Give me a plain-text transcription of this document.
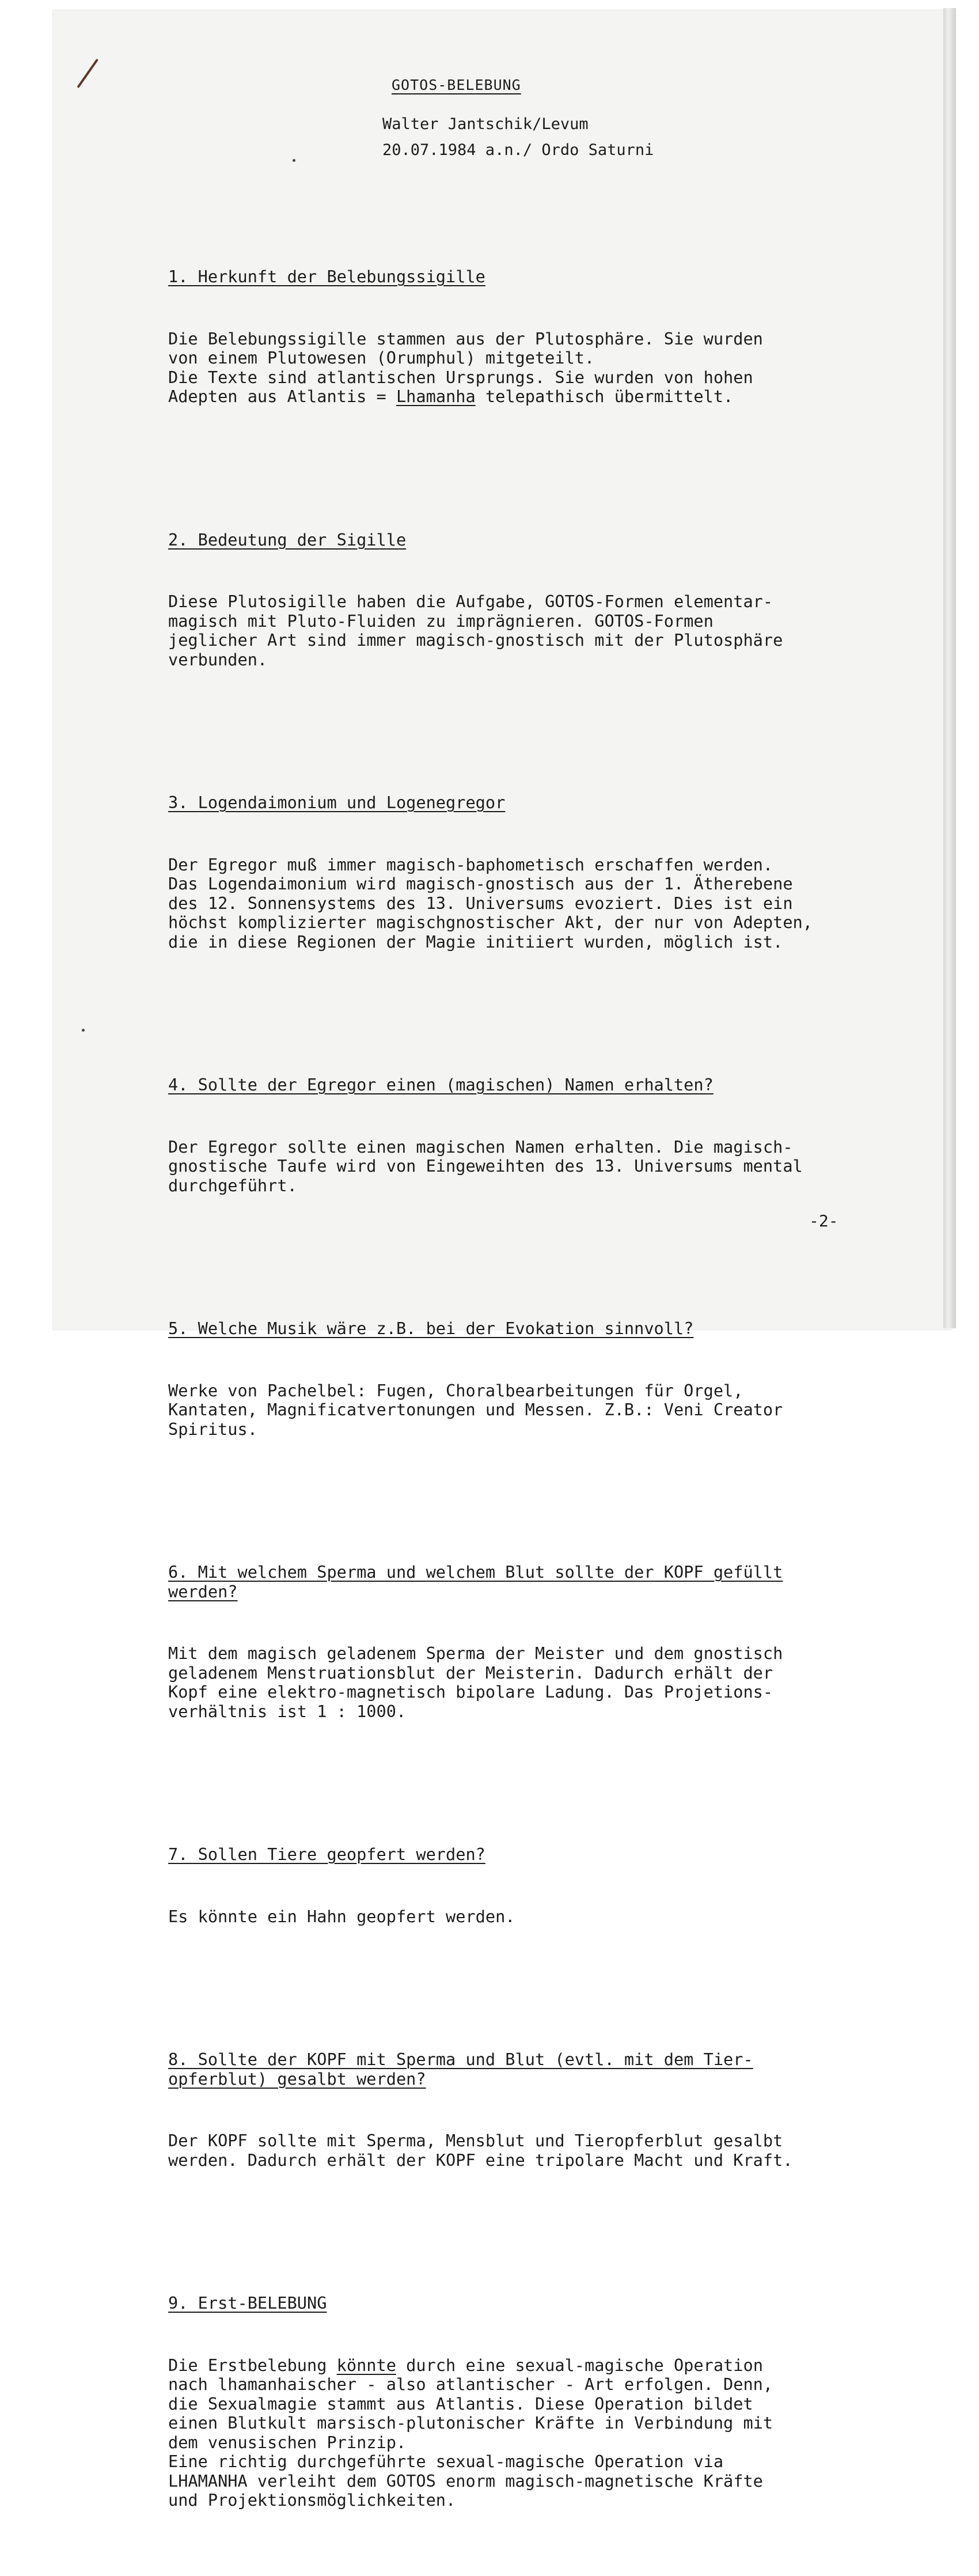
GOTOS-BELEBUNG
Walter Jantschik/Levum
20.07.1984 a.n./ Ordo Saturni

1. Herkunft der Belebungssigille

Die Belebungssigille stammen aus der Plutosphäre. Sie wurden
von einem Plutowesen (Orumphul) mitgeteilt.
Die Texte sind atlantischen Ursprungs. Sie wurden von hohen
Adepten aus Atlantis = Lhamanha telepathisch übermittelt.

2. Bedeutung der Sigille

Diese Plutosigille haben die Aufgabe, GOTOS-Formen elementar-
magisch mit Pluto-Fluiden zu imprägnieren. GOTOS-Formen
jeglicher Art sind immer magisch-gnostisch mit der Plutosphäre
verbunden.

3. Logendaimonium und Logenegregor

Der Egregor muß immer magisch-baphometisch erschaffen werden.
Das Logendaimonium wird magisch-gnostisch aus der 1. Ätherebene
des 12. Sonnensystems des 13. Universums evoziert. Dies ist ein
höchst komplizierter magischgnostischer Akt, der nur von Adepten,
die in diese Regionen der Magie initiiert wurden, möglich ist.

4. Sollte der Egregor einen (magischen) Namen erhalten?

Der Egregor sollte einen magischen Namen erhalten. Die magisch-
gnostische Taufe wird von Eingeweihten des 13. Universums mental
durchgeführt.

5. Welche Musik wäre z.B. bei der Evokation sinnvoll?

Werke von Pachelbel: Fugen, Choralbearbeitungen für Orgel,
Kantaten, Magnificatvertonungen und Messen. Z.B.: Veni Creator
Spiritus.

6. Mit welchem Sperma und welchem Blut sollte der KOPF gefüllt
werden?

Mit dem magisch geladenem Sperma der Meister und dem gnostisch
geladenem Menstruationsblut der Meisterin. Dadurch erhält der
Kopf eine elektro-magnetisch bipolare Ladung. Das Projetions-
verhältnis ist 1 : 1000.

7. Sollen Tiere geopfert werden?

Es könnte ein Hahn geopfert werden.

8. Sollte der KOPF mit Sperma und Blut (evtl. mit dem Tier-
opferblut) gesalbt werden?

Der KOPF sollte mit Sperma, Mensblut und Tieropferblut gesalbt
werden. Dadurch erhält der KOPF eine tripolare Macht und Kraft.

9. Erst-BELEBUNG

Die Erstbelebung könnte durch eine sexual-magische Operation
nach lhamanhaischer - also atlantischer - Art erfolgen. Denn,
die Sexualmagie stammt aus Atlantis. Diese Operation bildet
einen Blutkult marsisch-plutonischer Kräfte in Verbindung mit
dem venusischen Prinzip.
Eine richtig durchgeführte sexual-magische Operation via
LHAMANHA verleiht dem GOTOS enorm magisch-magnetische Kräfte
und Projektionsmöglichkeiten.

-2-
